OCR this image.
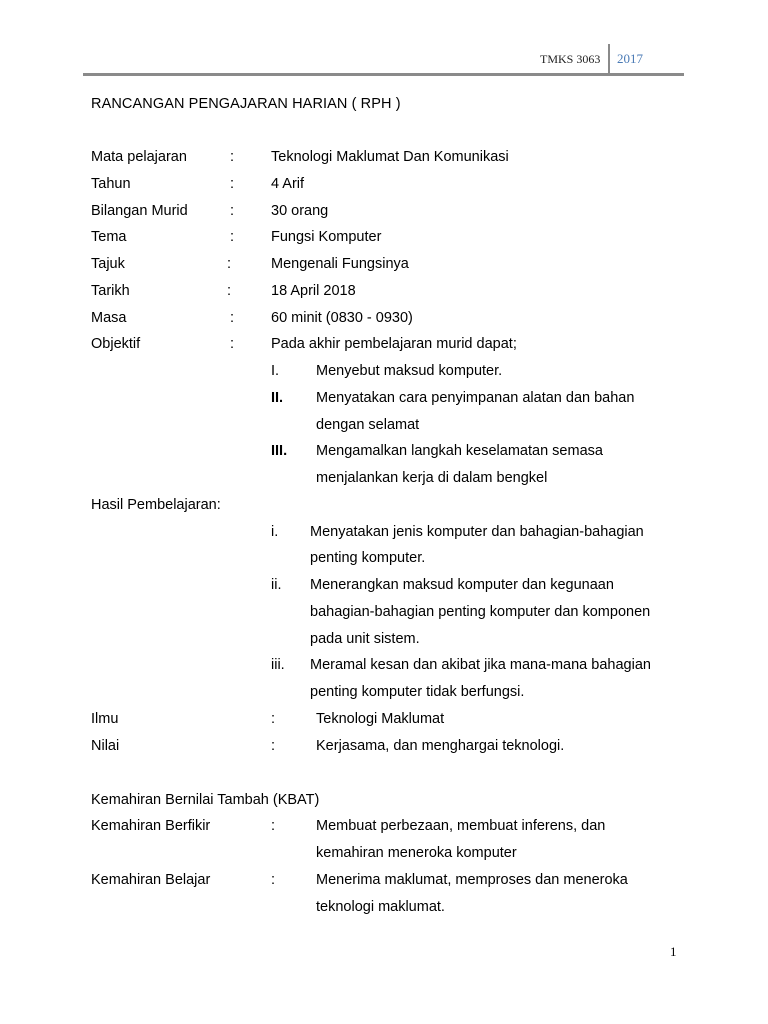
TMKS 3063 2017
RANCANGAN PENGAJARAN HARIAN ( RPH )
Mata pelajaran	:	Teknologi Maklumat Dan Komunikasi
Tahun	:	4 Arif
Bilangan Murid	:	30 orang
Tema	:	Fungsi Komputer
Tajuk	:	Mengenali Fungsinya
Tarikh	:	18 April 2018
Masa	:	60 minit (0830 - 0930)
Objektif	:	Pada akhir pembelajaran murid dapat;
I.	Menyebut maksud komputer.
II. Menyatakan cara penyimpanan alatan dan bahan
dengan selamat
III. Mengamalkan langkah keselamatan semasa
menjalankan kerja di dalam bengkel
Hasil Pembelajaran:
i. Menyatakan jenis komputer dan bahagian-bahagian
penting komputer.
ii. Menerangkan maksud komputer dan kegunaan
bahagian-bahagian penting komputer dan komponen
pada unit sistem.
iii. Meramal kesan dan akibat jika mana-mana bahagian
penting komputer tidak berfungsi.
Ilmu	:	Teknologi Maklumat
Nilai	:	Kerjasama, dan menghargai teknologi.
Kemahiran Bernilai Tambah (KBAT)
Kemahiran Berfikir	:	Membuat perbezaan, membuat inferens, dan
kemahiran meneroka komputer
Kemahiran Belajar	:	Menerima maklumat, memproses dan meneroka
teknologi maklumat.
1
